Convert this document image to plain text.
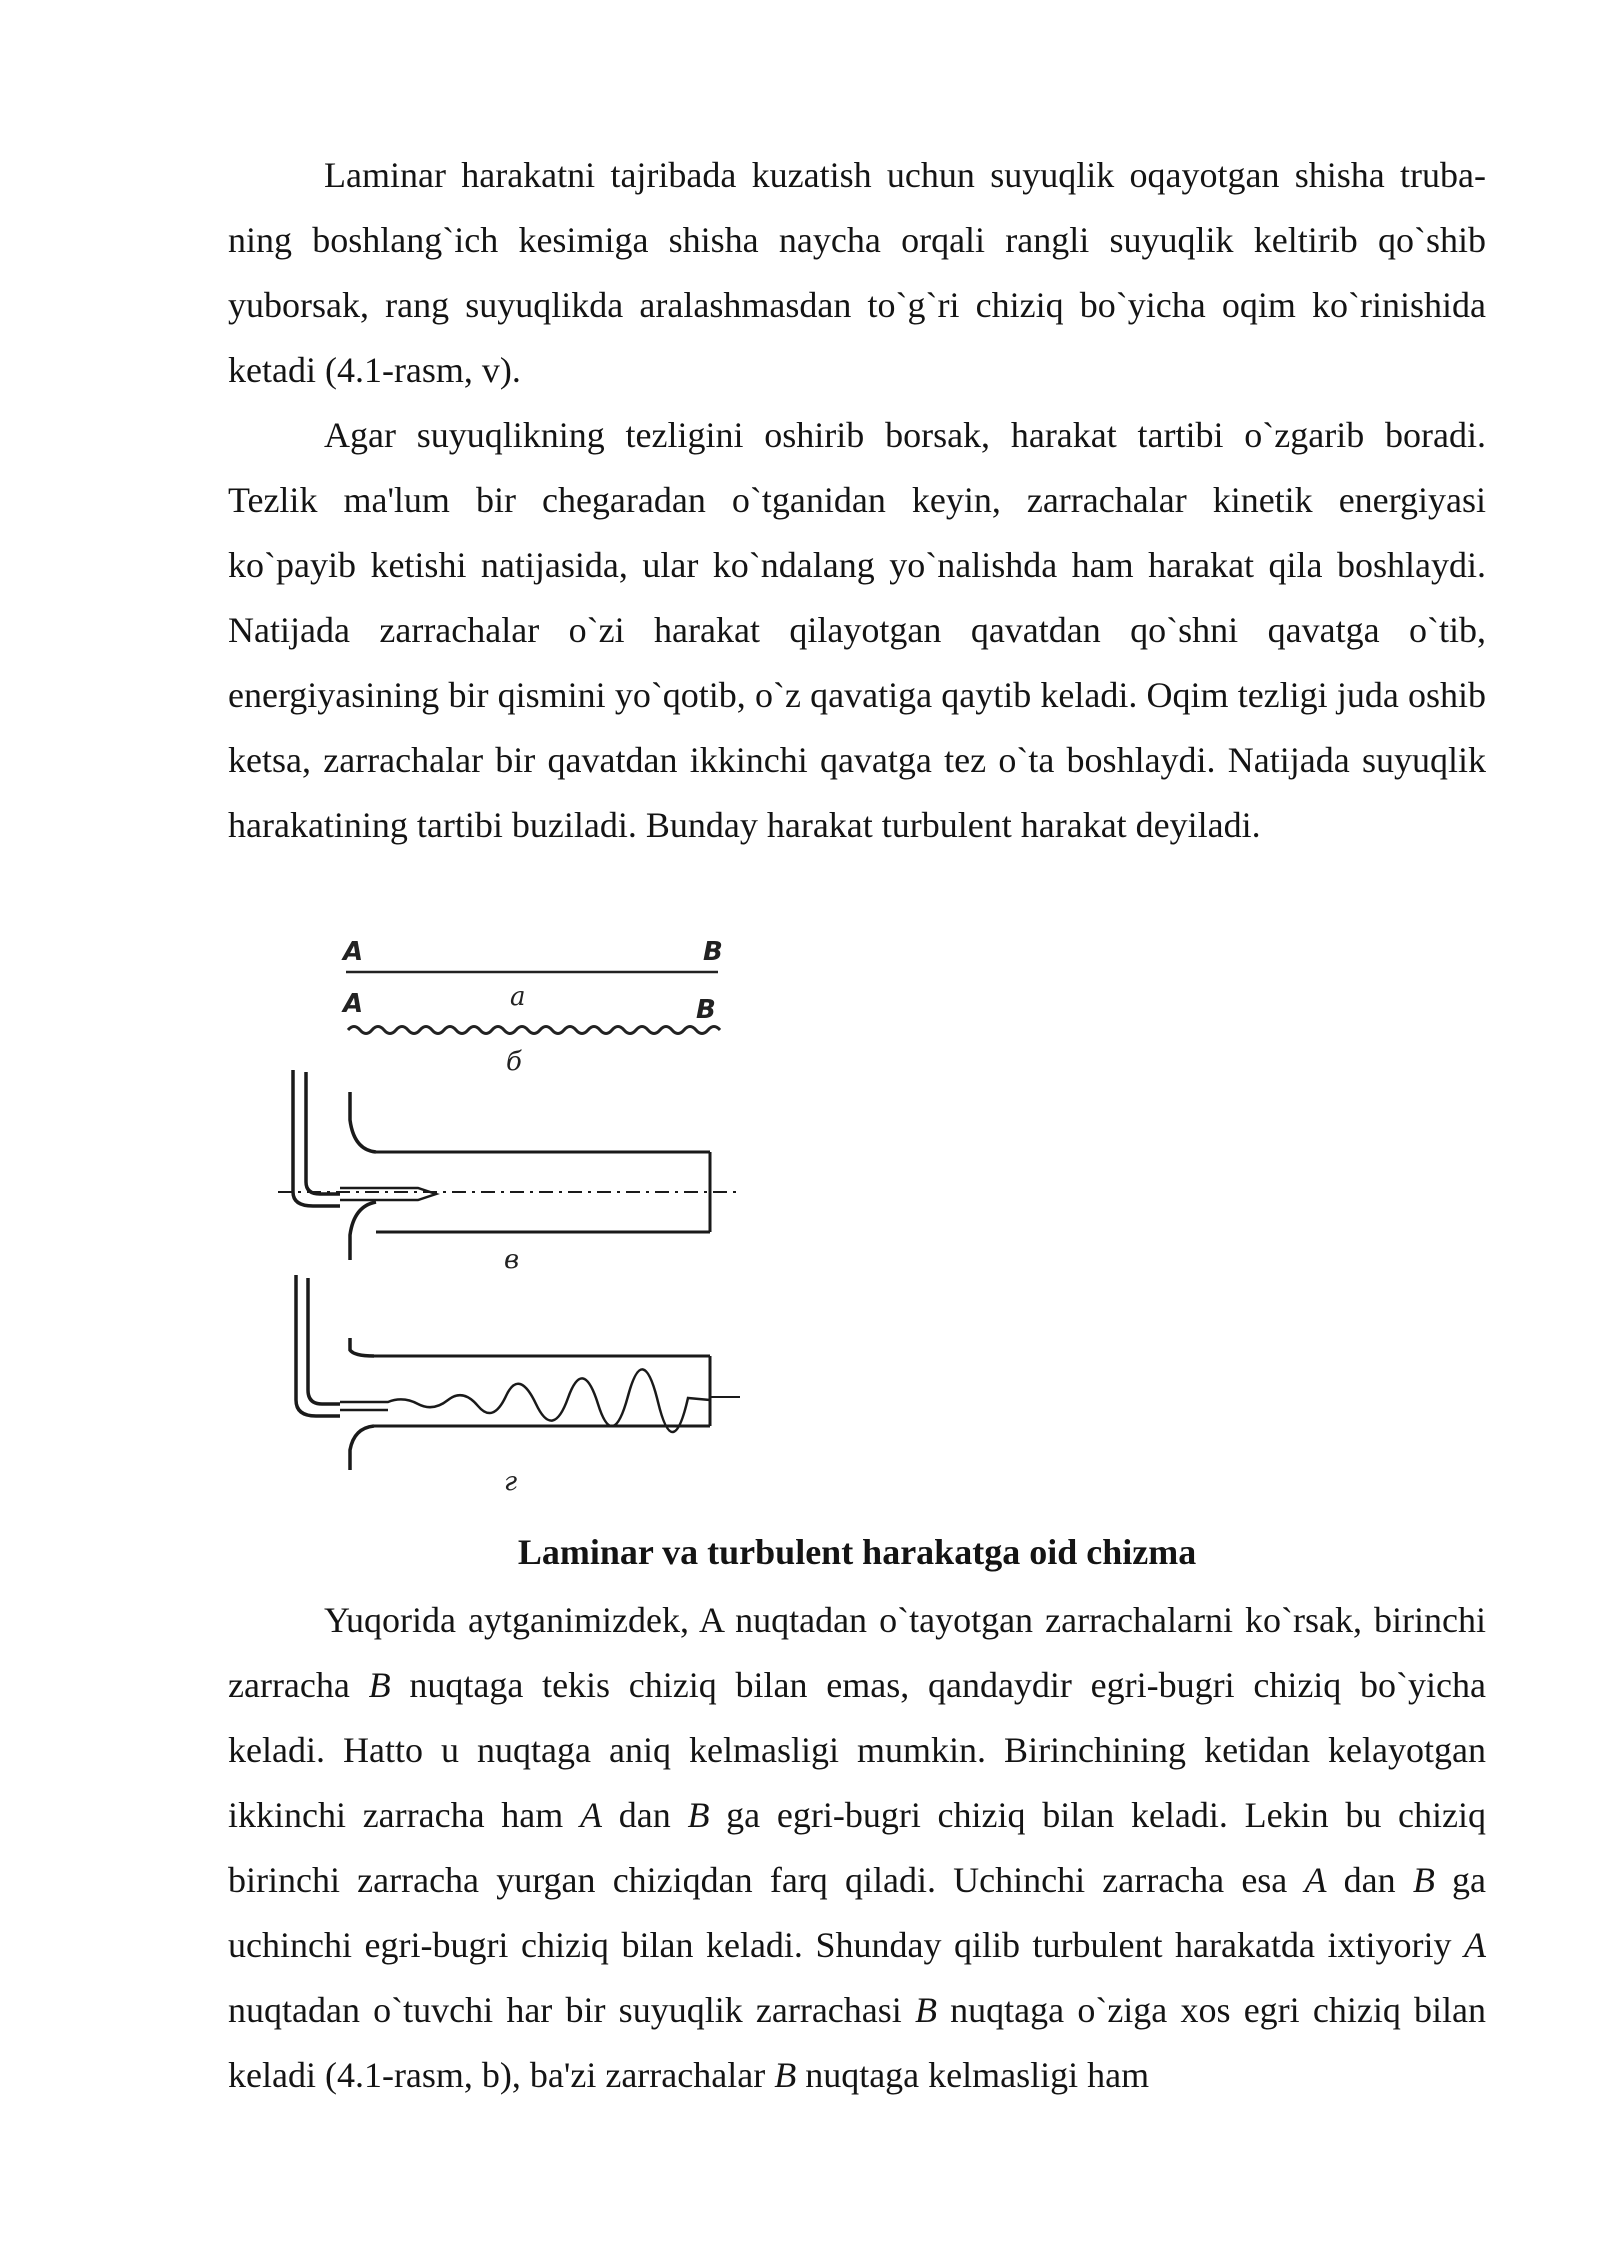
Laminar harakatni tajribada kuzatish uchun suyuqlik oqayotgan shisha trubaning boshlang`ich kesimiga shisha naycha orqali rangli suyuqlik keltirib qo`shib yuborsak, rang suyuqlikda aralashmasdan to`g`ri chiziq bo`yicha oqim ko`rinishida ketadi (4.1-rasm, v).

Agar suyuqlikning tezligini oshirib borsak, harakat tartibi o`zgarib boradi. Tezlik ma'lum bir chegaradan o`tganidan keyin, zarrachalar kinetik energiyasi ko`payib ketishi natijasida, ular ko`ndalang yo`nalishda ham harakat qila boshlaydi. Natijada zarrachalar o`zi harakat qilayotgan qavatdan qo`shni qavatga o`tib, energiyasining bir qismini yo`qotib, o`z qavatiga qaytib keladi. Oqim tezligi juda oshib ketsa, zarrachalar bir qavatdan ikkinchi qavatga tez o`ta boshlaydi. Natijada suyuqlik harakatining tartibi buziladi. Bunday harakat turbulent harakat deyiladi.

A	B
a
A	B
б
в
г
Laminar va turbulent harakatga oid chizma

Yuqorida aytganimizdek, A nuqtadan o`tayotgan zarrachalarni ko`rsak, birinchi zarracha B nuqtaga tekis chiziq bilan emas, qandaydir egri-bugri chiziq bo`yicha keladi. Hatto u nuqtaga aniq kelmasligi mumkin. Birinchining ketidan kelayotgan ikkinchi zarracha ham A dan B ga egri-bugri chiziq bilan keladi. Lekin bu chiziq birinchi zarracha yurgan chiziqdan farq qiladi. Uchinchi zarracha esa A dan B ga uchinchi egri-bugri chiziq bilan keladi. Shunday qilib turbulent harakatda ixtiyoriy A nuqtadan o`tuvchi har bir suyuqlik zarrachasi B nuqtaga o`ziga xos egri chiziq bilan keladi (4.1-rasm, b), ba'zi zarrachalar B nuqtaga kelmasligi ham
